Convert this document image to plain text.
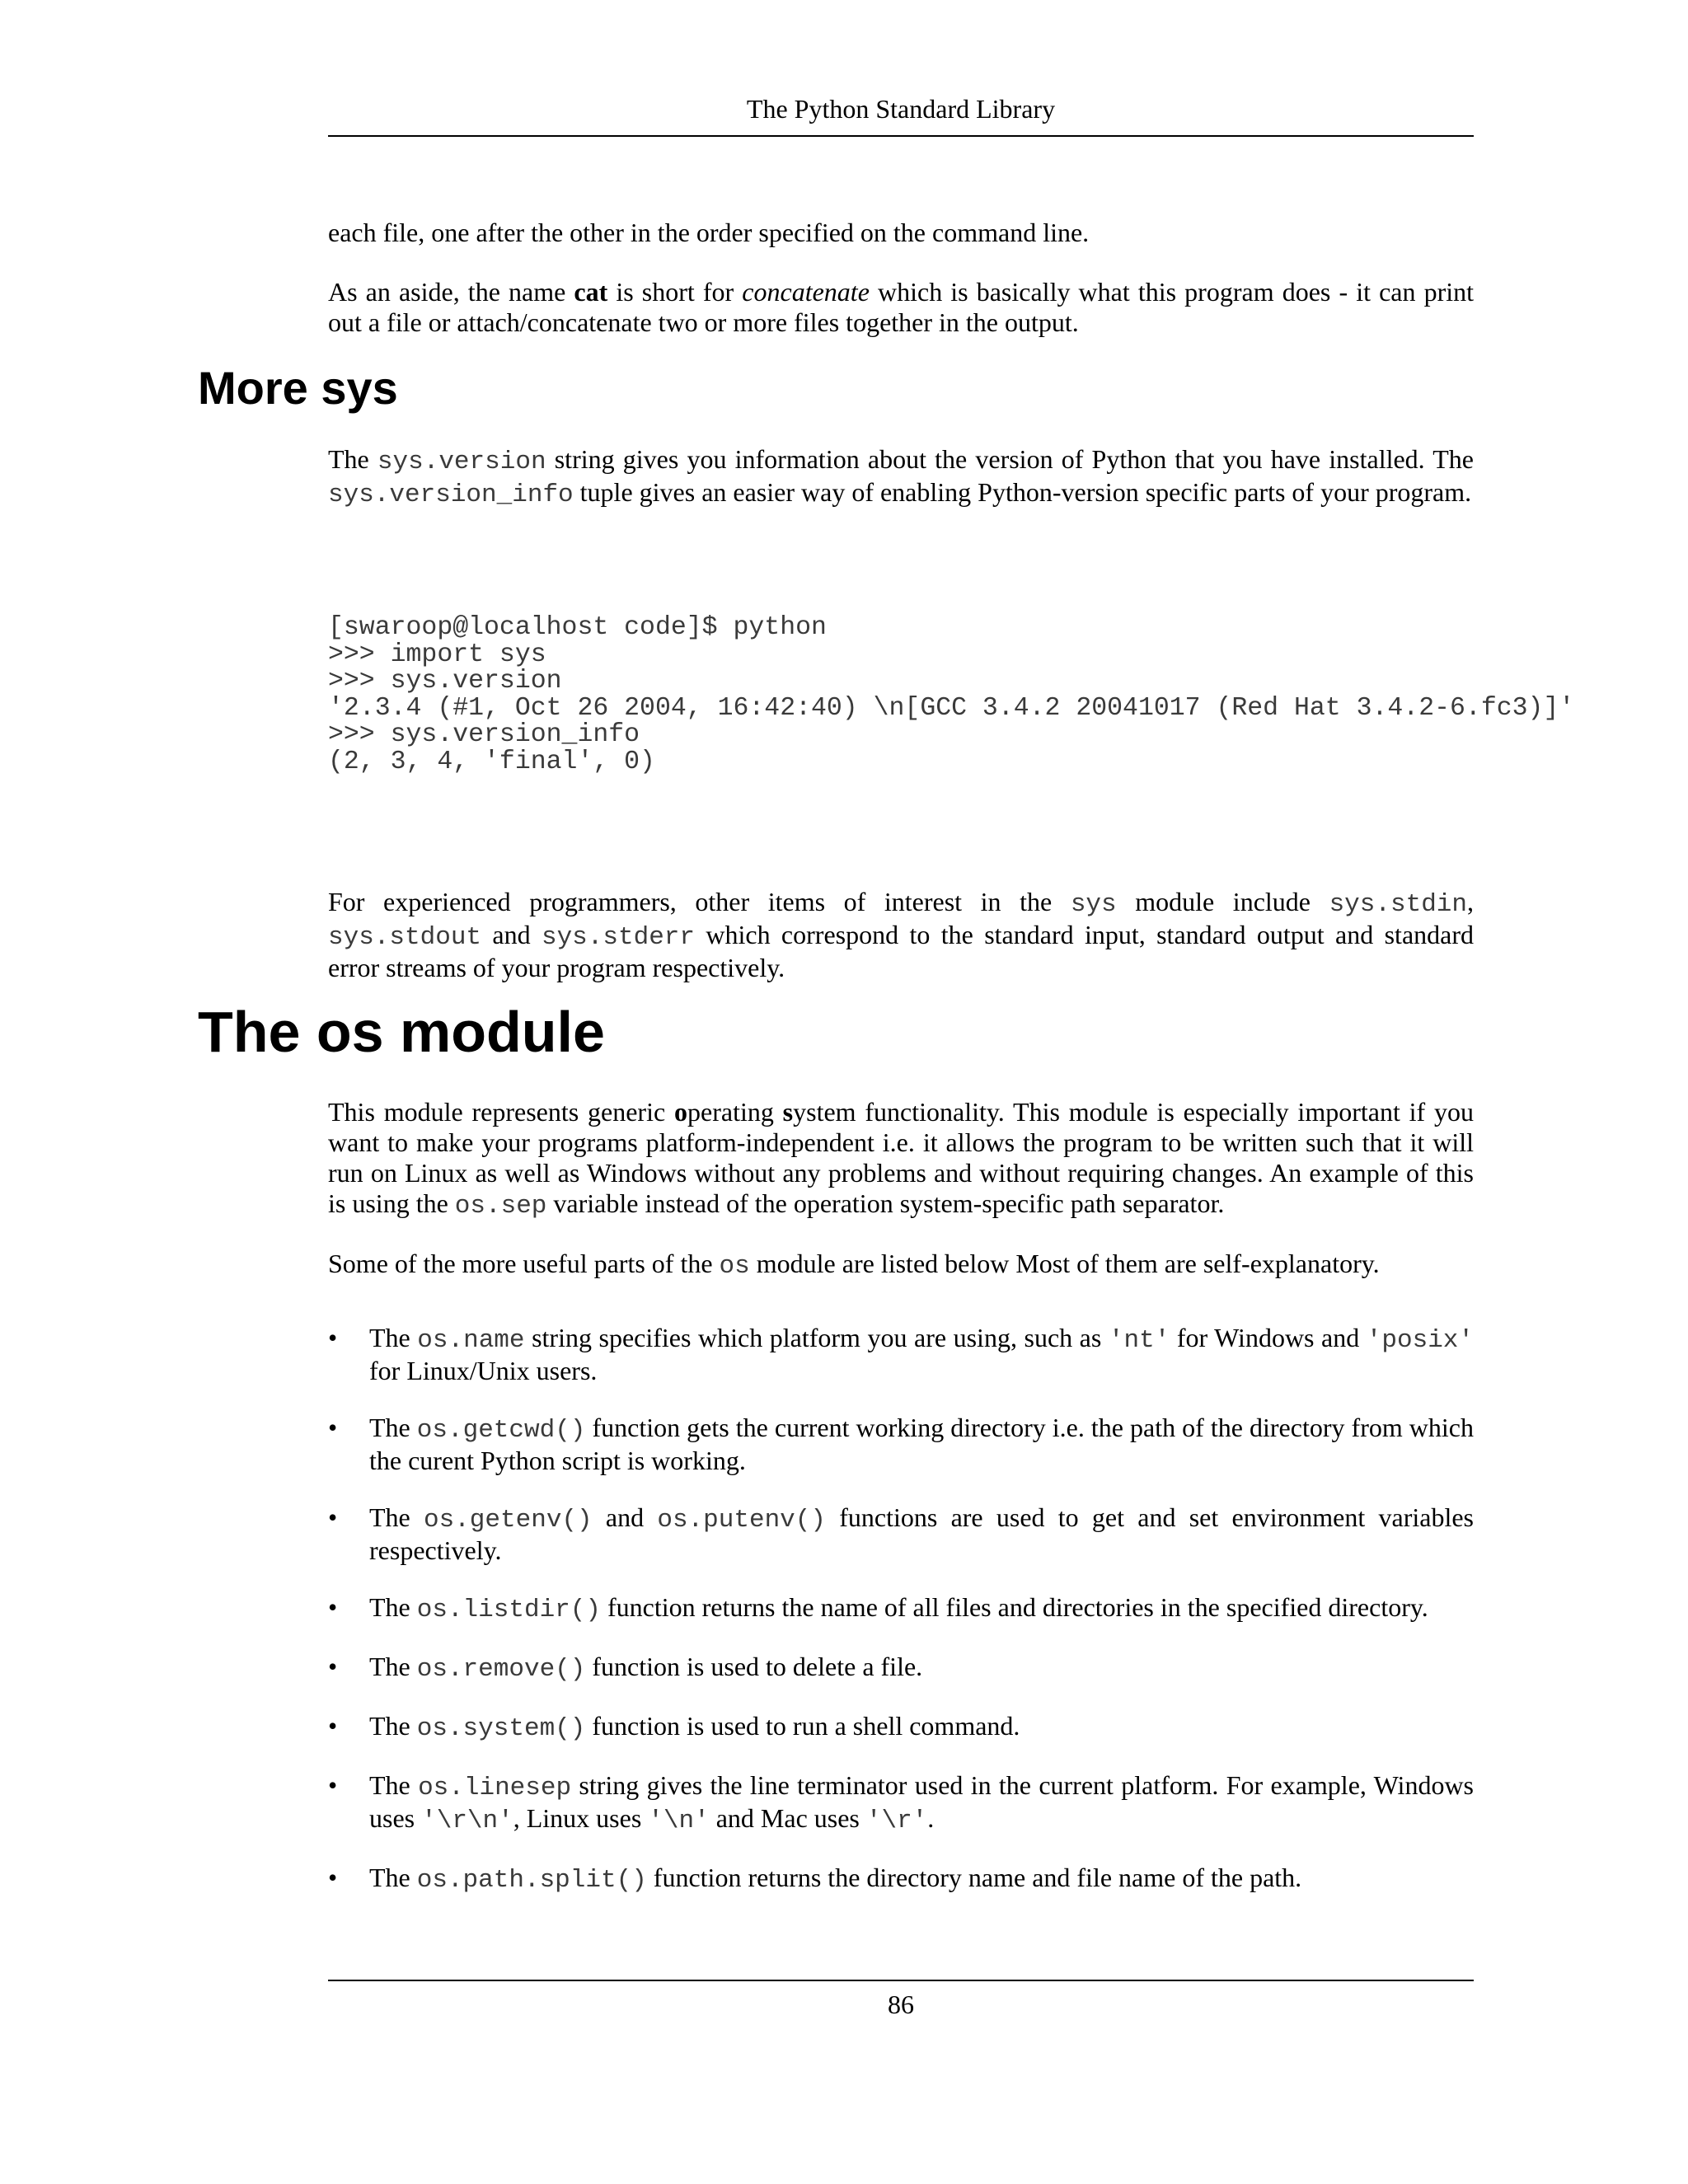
The Python Standard Library

each file, one after the other in the order specified on the command line.

As an aside, the name cat is short for concatenate which is basically what this program does - it can print out a file or attach/concatenate two or more files together in the output.

More sys

The sys.version string gives you information about the version of Python that you have installed. The sys.version_info tuple gives an easier way of enabling Python-version specific parts of your program.

[swaroop@localhost code]$ python
>>> import sys
>>> sys.version
'2.3.4 (#1, Oct 26 2004, 16:42:40) \n[GCC 3.4.2 20041017 (Red Hat 3.4.2-6.fc3)]'
>>> sys.version_info
(2, 3, 4, 'final', 0)

For experienced programmers, other items of interest in the sys module include sys.stdin, sys.stdout and sys.stderr which correspond to the standard input, standard output and standard error streams of your program respectively.

The os module

This module represents generic operating system functionality. This module is especially important if you want to make your programs platform-independent i.e. it allows the program to be written such that it will run on Linux as well as Windows without any problems and without requiring changes. An example of this is using the os.sep variable instead of the operation system-specific path separator.

Some of the more useful parts of the os module are listed below Most of them are self-explanatory.

• The os.name string specifies which platform you are using, such as 'nt' for Windows and 'posix' for Linux/Unix users.
• The os.getcwd() function gets the current working directory i.e. the path of the directory from which the curent Python script is working.
• The os.getenv() and os.putenv() functions are used to get and set environment variables respectively.
• The os.listdir() function returns the name of all files and directories in the specified directory.
• The os.remove() function is used to delete a file.
• The os.system() function is used to run a shell command.
• The os.linesep string gives the line terminator used in the current platform. For example, Windows uses '\r\n', Linux uses '\n' and Mac uses '\r'.
• The os.path.split() function returns the directory name and file name of the path.
86
